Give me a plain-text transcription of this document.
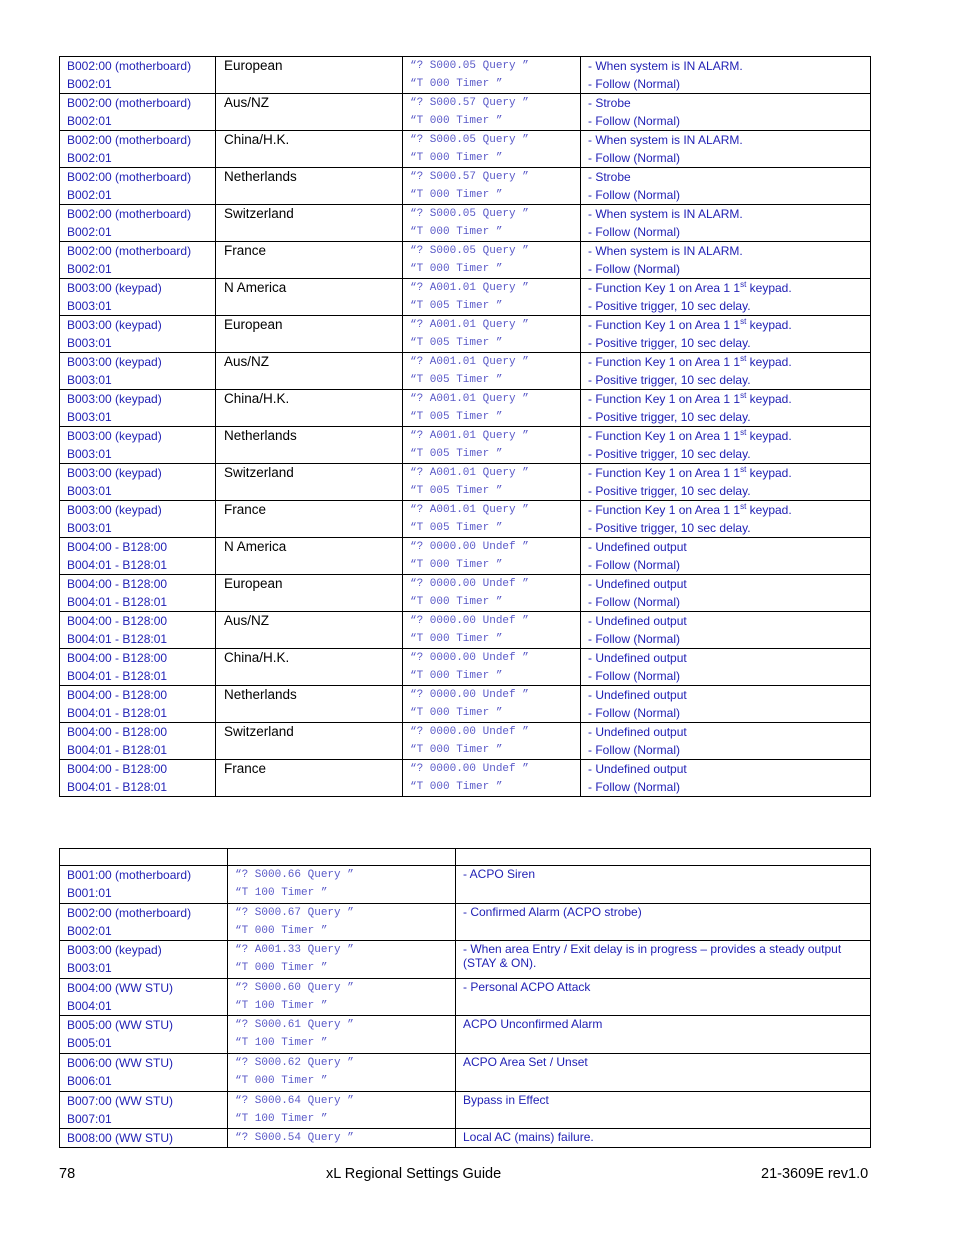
B002:00 (motherboard)
B002:01	European	“? S000.05 Query ”
“T 000 Timer ”	- When system is IN ALARM.
- Follow (Normal)

B002:00 (motherboard)
B002:01	Aus/NZ	“? S000.57 Query ”
“T 000 Timer ”	- Strobe
- Follow (Normal)

B002:00 (motherboard)
B002:01	China/H.K.	“? S000.05 Query ”
“T 000 Timer ”	- When system is IN ALARM.
- Follow (Normal)

B002:00 (motherboard)
B002:01	Netherlands	“? S000.57 Query ”
“T 000 Timer ”	- Strobe
- Follow (Normal)

B002:00 (motherboard)
B002:01	Switzerland	“? S000.05 Query ”
“T 000 Timer ”	- When system is IN ALARM.
- Follow (Normal)

B002:00 (motherboard)
B002:01	France	“? S000.05 Query ”
“T 000 Timer ”	- When system is IN ALARM.
- Follow (Normal)

B003:00 (keypad)
B003:01	N America	“? A001.01 Query ”
“T 005 Timer ”	- Function Key 1 on Area 1 1st keypad.
- Positive trigger, 10 sec delay.

B003:00 (keypad)
B003:01	European	“? A001.01 Query ”
“T 005 Timer ”	- Function Key 1 on Area 1 1st keypad.
- Positive trigger, 10 sec delay.

B003:00 (keypad)
B003:01	Aus/NZ	“? A001.01 Query ”
“T 005 Timer ”	- Function Key 1 on Area 1 1st keypad.
- Positive trigger, 10 sec delay.

B003:00 (keypad)
B003:01	China/H.K.	“? A001.01 Query ”
“T 005 Timer ”	- Function Key 1 on Area 1 1st keypad.
- Positive trigger, 10 sec delay.

B003:00 (keypad)
B003:01	Netherlands	“? A001.01 Query ”
“T 005 Timer ”	- Function Key 1 on Area 1 1st keypad.
- Positive trigger, 10 sec delay.

B003:00 (keypad)
B003:01	Switzerland	“? A001.01 Query ”
“T 005 Timer ”	- Function Key 1 on Area 1 1st keypad.
- Positive trigger, 10 sec delay.

B003:00 (keypad)
B003:01	France	“? A001.01 Query ”
“T 005 Timer ”	- Function Key 1 on Area 1 1st keypad.
- Positive trigger, 10 sec delay.

B004:00 - B128:00
B004:01 - B128:01	N America	“? 0000.00 Undef ”
“T 000 Timer ”	- Undefined output
- Follow (Normal)

B004:00 - B128:00
B004:01 - B128:01	European	“? 0000.00 Undef ”
“T 000 Timer ”	- Undefined output
- Follow (Normal)

B004:00 - B128:00
B004:01 - B128:01	Aus/NZ	“? 0000.00 Undef ”
“T 000 Timer ”	- Undefined output
- Follow (Normal)

B004:00 - B128:00
B004:01 - B128:01	China/H.K.	“? 0000.00 Undef ”
“T 000 Timer ”	- Undefined output
- Follow (Normal)

B004:00 - B128:00
B004:01 - B128:01	Netherlands	“? 0000.00 Undef ”
“T 000 Timer ”	- Undefined output
- Follow (Normal)

B004:00 - B128:00
B004:01 - B128:01	Switzerland	“? 0000.00 Undef ”
“T 000 Timer ”	- Undefined output
- Follow (Normal)

B004:00 - B128:00
B004:01 - B128:01	France	“? 0000.00 Undef ”
“T 000 Timer ”	- Undefined output
- Follow (Normal)

B001:00 (motherboard)
B001:01	“? S000.66 Query ”
“T 100 Timer ”	- ACPO Siren

B002:00 (motherboard)
B002:01	“? S000.67 Query ”
“T 000 Timer ”	- Confirmed Alarm (ACPO strobe)

B003:00 (keypad)
B003:01	“? A001.33 Query ”
“T 000 Timer ”	- When area Entry / Exit delay is in progress – provides a steady output (STAY & ON).

B004:00 (WW STU)
B004:01	“? S000.60 Query ”
“T 100 Timer ”	- Personal ACPO Attack

B005:00 (WW STU)
B005:01	“? S000.61 Query ”
“T 100 Timer ”	ACPO Unconfirmed Alarm

B006:00 (WW STU)
B006:01	“? S000.62 Query ”
“T 000 Timer ”	ACPO Area Set / Unset

B007:00 (WW STU)
B007:01	“? S000.64 Query ”
“T 100 Timer ”	Bypass in Effect

B008:00 (WW STU)	“? S000.54 Query ”	Local AC (mains) failure.
78	xL Regional Settings Guide	21-3609E rev1.0
